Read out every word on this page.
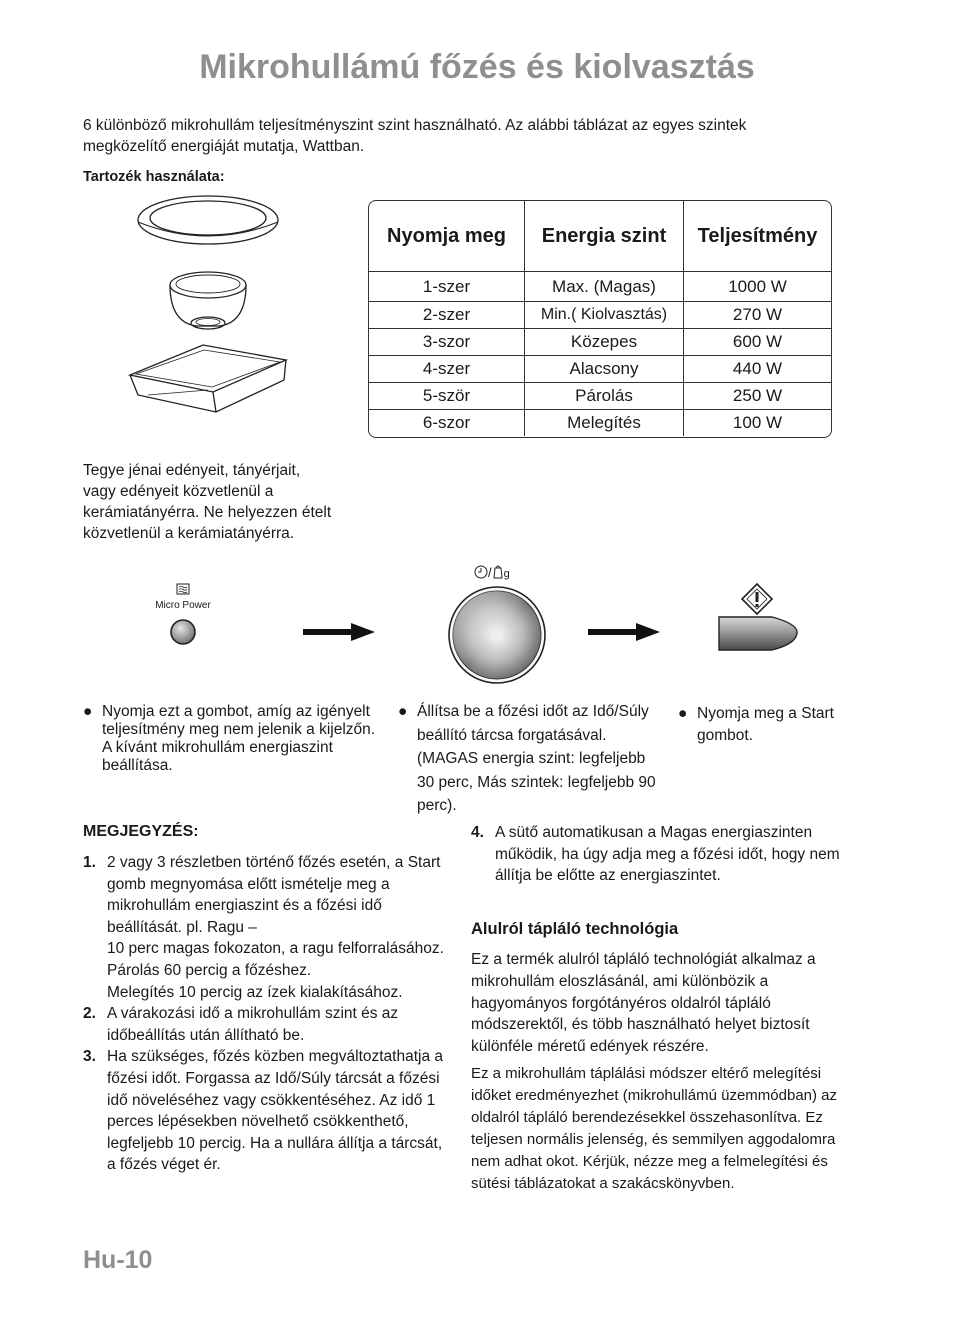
Mikrohullámú főzés és kiolvasztás
6 különböző mikrohullám teljesítményszint szint használható. Az alábbi táblázat az egyes szintek megközelítő energiáját mutatja, Wattban.
Tartozék használata:
Nyomja meg	Energia szint	Teljesítmény
1-szer	Max. (Magas)	1000 W
2-szer	Min.( Kiolvasztás)	270 W
3-szor	Közepes	600 W
4-szer	Alacsony	440 W
5-ször	Párolás	250 W
6-szor	Melegítés	100 W
Tegye jénai edényeit, tányérjait, vagy edényeit közvetlenül a kerámiatányérra. Ne helyezzen ételt közvetlenül a kerámiatányérra.
Micro Power
/ g
● Nyomja ezt a gombot, amíg az igényelt teljesítmény meg nem jelenik a kijelzőn. A kívánt mikrohullám energiaszint beállítása.
● Állítsa be a főzési időt az Idő/Súly beállító tárcsa forgatásával. (MAGAS energia szint: legfeljebb 30 perc, Más szintek: legfeljebb 90 perc).
● Nyomja meg a Start gombot.
MEGJEGYZÉS:
1. 2 vagy 3 részletben történő főzés esetén, a Start gomb megnyomása előtt ismételje meg a mikrohullám energiaszint és a főzési idő beállítását. pl. Ragu –
10 perc magas fokozaton, a ragu felforralásához. Párolás 60 percig a főzéshez.
Melegítés 10 percig az ízek kialakításához.
2. A várakozási idő a mikrohullám szint és az időbeállítás után állítható be.
3. Ha szükséges, főzés közben megváltoztathatja a főzési időt. Forgassa az Idő/Súly tárcsát a főzési idő növeléséhez vagy csökkentéséhez. Az idő 1 perces lépésekben növelhető csökkenthető, legfeljebb 10 percig. Ha a nullára állítja a tárcsát, a főzés véget ér.
4. A sütő automatikusan a Magas energiaszinten működik, ha úgy adja meg a főzési időt, hogy nem állítja be előtte az energiaszintet.
Alulról tápláló technológia
Ez a termék alulról tápláló technológiát alkalmaz a mikrohullám eloszlásánál, ami különbözik a hagyományos forgótányéros oldalról tápláló módszerektől, és több használható helyet biztosít különféle méretű edények részére.
Ez a mikrohullám táplálási módszer eltérő melegítési időket eredményezhet (mikrohullámú üzemmódban) az oldalról tápláló berendezésekkel összehasonlítva. Ez teljesen normális jelenség, és semmilyen aggodalomra nem adhat okot. Kérjük, nézze meg a felmelegítési és sütési táblázatokat a szakácskönyvben.
Hu-10
